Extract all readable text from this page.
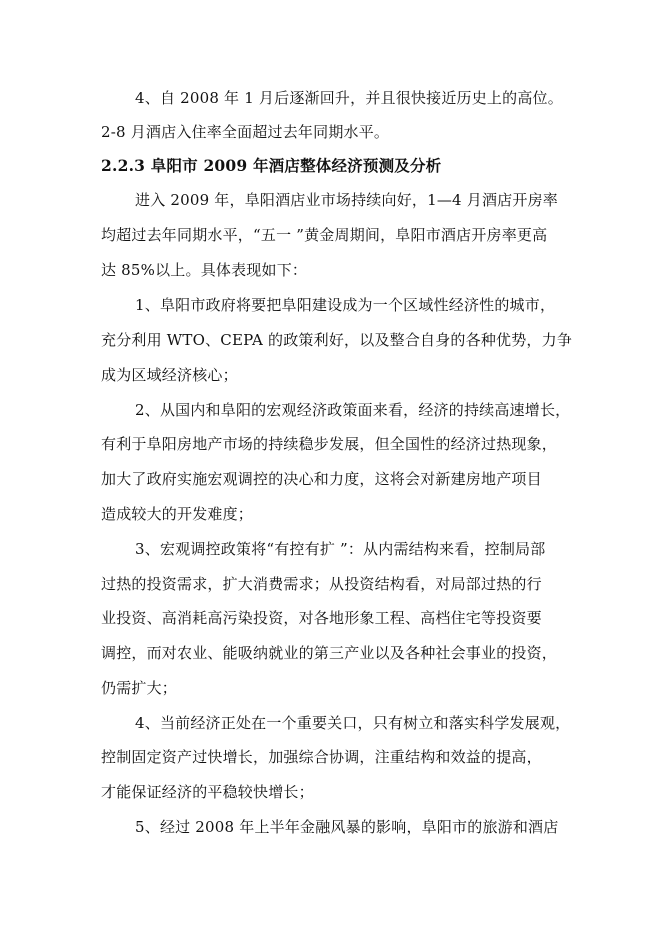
4、自 2008 年 1 月后逐渐回升，并且很快接近历史上的高位。
2-8 月酒店入住率全面超过去年同期水平。
2.2.3 阜阳市 2009 年酒店整体经济预测及分析
进入 2009 年，阜阳酒店业市场持续向好，1—4 月酒店开房率
均超过去年同期水平，“五一 ”黄金周期间，阜阳市酒店开房率更高
达 85%以上。具体表现如下：
1、阜阳市政府将要把阜阳建设成为一个区域性经济性的城市，
充分利用 WTO、CEPA 的政策利好，以及整合自身的各种优势，力争
成为区域经济核心；
2、从国内和阜阳的宏观经济政策面来看，经济的持续高速增长，
有利于阜阳房地产市场的持续稳步发展，但全国性的经济过热现象，
加大了政府实施宏观调控的决心和力度，这将会对新建房地产项目
造成较大的开发难度；
3、宏观调控政策将“有控有扩 ”：从内需结构来看，控制局部
过热的投资需求，扩大消费需求；从投资结构看，对局部过热的行
业投资、高消耗高污染投资，对各地形象工程、高档住宅等投资要
调控，而对农业、能吸纳就业的第三产业以及各种社会事业的投资，
仍需扩大；
4、当前经济正处在一个重要关口，只有树立和落实科学发展观，
控制固定资产过快增长，加强综合协调，注重结构和效益的提高，
才能保证经济的平稳较快增长；
5、经过 2008 年上半年金融风暴的影响，阜阳市的旅游和酒店
